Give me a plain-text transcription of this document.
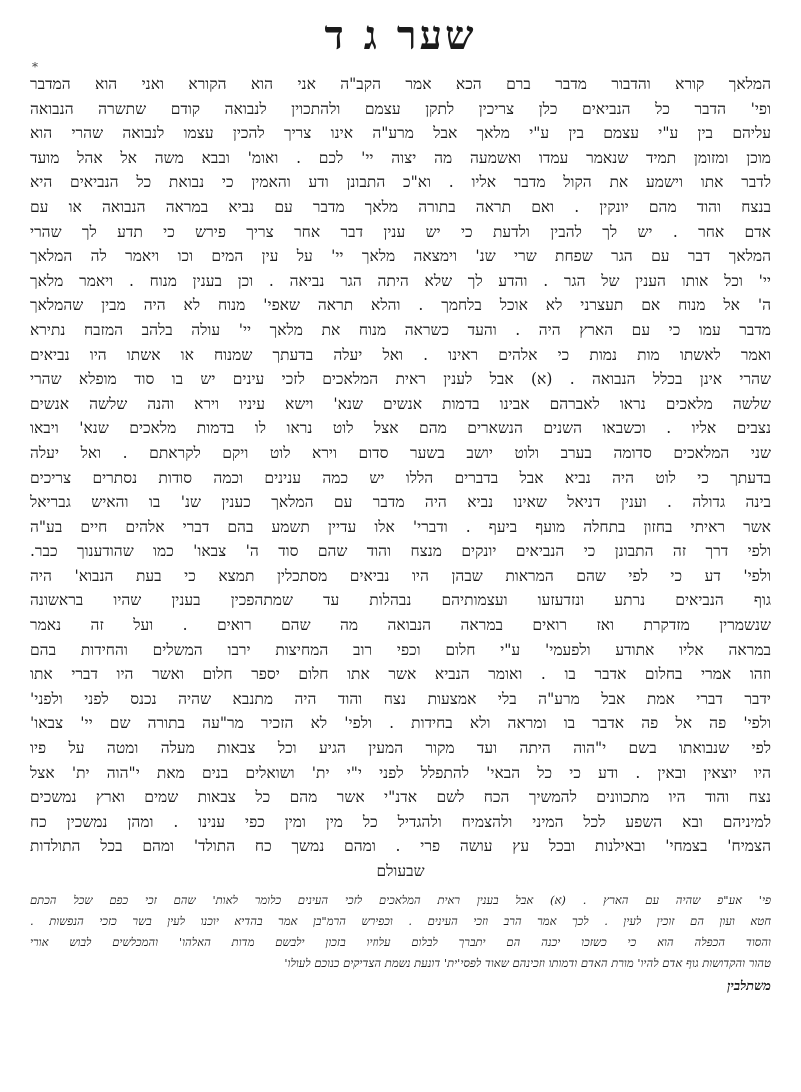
*
שער ג ד
המלאך קורא והדבור מדבר ברם הכא אמר הקב"ה אני הוא הקורא ואני הוא המדבר
ופי' הדבר כל הנביאים כלן צריכין לתקן עצמם ולהתכוין לנבואה קודם שתשרה הנבואה
עליהם בין ע"י עצמם בין ע"י מלאך אבל מרע"ה אינו צריך להכין עצמו לנבואה שהרי הוא
מוכן ומזומן תמיד שנאמר עמדו ואשמעה מה יצוה יי' לכם . ואומ' ובבא משה אל אהל מועד
לדבר אתו וישמע את הקול מדבר אליו . וא"כ התבונן ודע והאמין כי נבואת כל הנביאים היא
בנצח והוד מהם יונקין . ואם תראה בתורה מלאך מדבר עם נביא במראה הנבואה או עם
אדם אחר . יש לך להבין ולדעת כי יש ענין דבר אחר צריך פירש כי תדע לך שהרי
המלאך דבר עם הגר שפחת שרי שנ' וימצאה מלאך יי' על עין המים וכו ויאמר לה המלאך
יי' וכל אותו הענין של הגר . והדע לך שלא היתה הגר נביאה . וכן בענין מנוח . ויאמר מלאך
ה' אל מנוח אם תעצרני לא אוכל בלחמך . והלא תראה שאפי' מנוח לא היה מבין שהמלאך
מדבר עמו כי עם הארץ היה . והעד כשראה מנוח את מלאך יי' עולה בלהב המזבח נתירא
ואמר לאשתו מות נמות כי אלהים ראינו . ואל יעלה בדעתך שמנוח או אשתו היו נביאים
שהרי אינן בכלל הנבואה . (א) אבל לענין ראית המלאכים לזכי עינים יש בו סוד מופלא שהרי
שלשה מלאכים נראו לאברהם אבינו בדמות אנשים שנא' וישא עיניו וירא והנה שלשה אנשים
נצבים אליו . וכשבאו השנים הנשארים מהם אצל לוט נראו לו בדמות מלאכים שנא' ויבאו
שני המלאכים סדומה בערב ולוט יושב בשער סדום וירא לוט ויקם לקראתם . ואל יעלה
בדעתך כי לוט היה נביא אבל בדברים הללו יש כמה ענינים וכמה סודות נסתרים צריכים
בינה גדולה . וענין דניאל שאינו נביא היה מדבר עם המלאך כענין שנ' בו והאיש גבריאל
אשר ראיתי בחזון בתחלה מועף ביעף . ודברי' אלו עדיין תשמע בהם דברי אלהים חיים בע"ה
ולפי דרך זה התבונן כי הנביאים יונקים מנצח והוד שהם סוד ה' צבאו' כמו שהודענוך כבר.
ולפי' דע כי לפי שהם המראות שבהן היו נביאים מסתכלין תמצא כי בעת הנבוא' היה
גוף הנביאים נרתע ונזדעזעו ועצמותיהם נבהלות עד שמתהפכין בענין שהיו בראשונה
שנשמרין מזדקרת ואז רואים במראה הנבואה מה שהם רואים . ועל זה נאמר
במראה אליו אתודע ולפעמי' ע"י חלום וכפי רוב המחיצות ירבו המשלים והחידות בהם
וזהו אמרי בחלום אדבר בו . ואומר הנביא אשר אתו חלום יספר חלום ואשר היו דברי אתו
ידבר דברי אמת אבל מרע"ה בלי אמצעות נצח והוד היה מתנבא שהיה נכנס לפני ולפני'
ולפי' פה אל פה אדבר בו ומראה ולא בחידות . ולפי' לא הזכיר מר"עה בתורה שם יי' צבאו'
לפי שנבואתו בשם י"הוה היתה ועד מקור המעין הגיע וכל צבאות מעלה ומטה על פיו
היו יוצאין ובאין . ודע כי כל הבאי' להתפלל לפני י"י ית' ושואלים בנים מאת י"הוה ית' אצל
נצח והוד היו מתכוונים להמשיך הכח לשם אדנ"י אשר מהם כל צבאות שמים וארץ נמשכים
למיניהם ובא השפע לכל המיני ולהצמיח ולהגדיל כל מין ומין כפי ענינו . ומהן נמשכין כח
הצמיח' בצמחי' ובאילנות ובכל עץ עושה פרי . ומהם נמשך כח התולד' ומהם בכל התולדות
שבעולם
פי' אע"פ שהיה עם הארץ . (א) אבל בענין ראית המלאכים לזכי העינים כלומר לאות' שהם זכי כפם שכל הכתם
חטא ועון הם זוכין לעין . לכך אמר הרב וזכי העינים . וכפירש הרמ"בן אמר בהדיא יוכנו לעין בשר כזכי הנפשות .
והסוד הכפלה הוא כי כשזכו יכנה הם יתברך לבלום עלוזיו בזכון ילבשם מדות האלהו' והמכלשים לבוש אורי
טהור והקדושות גוף אדם להיו' מורת האדם ודמותו וזכינהם שאוד לפסי'ית' דונעת נשמת הצדיקים כנוכם לעולו'
משתלבין
